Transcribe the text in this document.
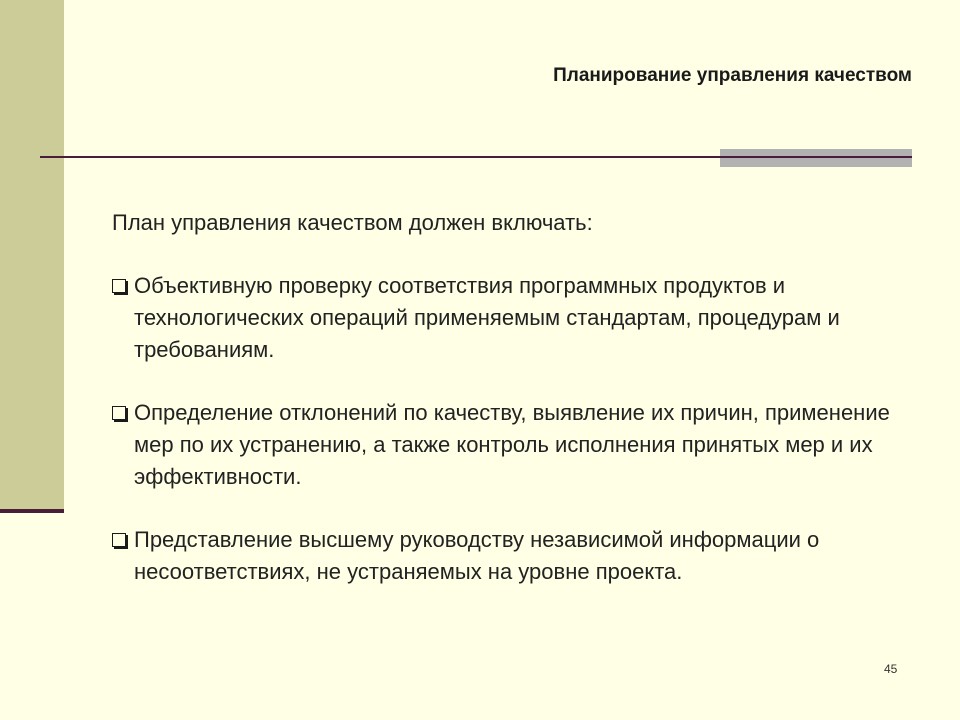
Планирование управления качеством

План управления качеством должен включать:

Объективную проверку соответствия программных продуктов и технологических операций применяемым стандартам, процедурам и требованиям.
Определение отклонений по качеству, выявление их причин, применение мер по их устранению, а также контроль исполнения принятых мер и их эффективности.
Представление высшему руководству независимой информации о несоответствиях, не устраняемых на уровне проекта.
45
